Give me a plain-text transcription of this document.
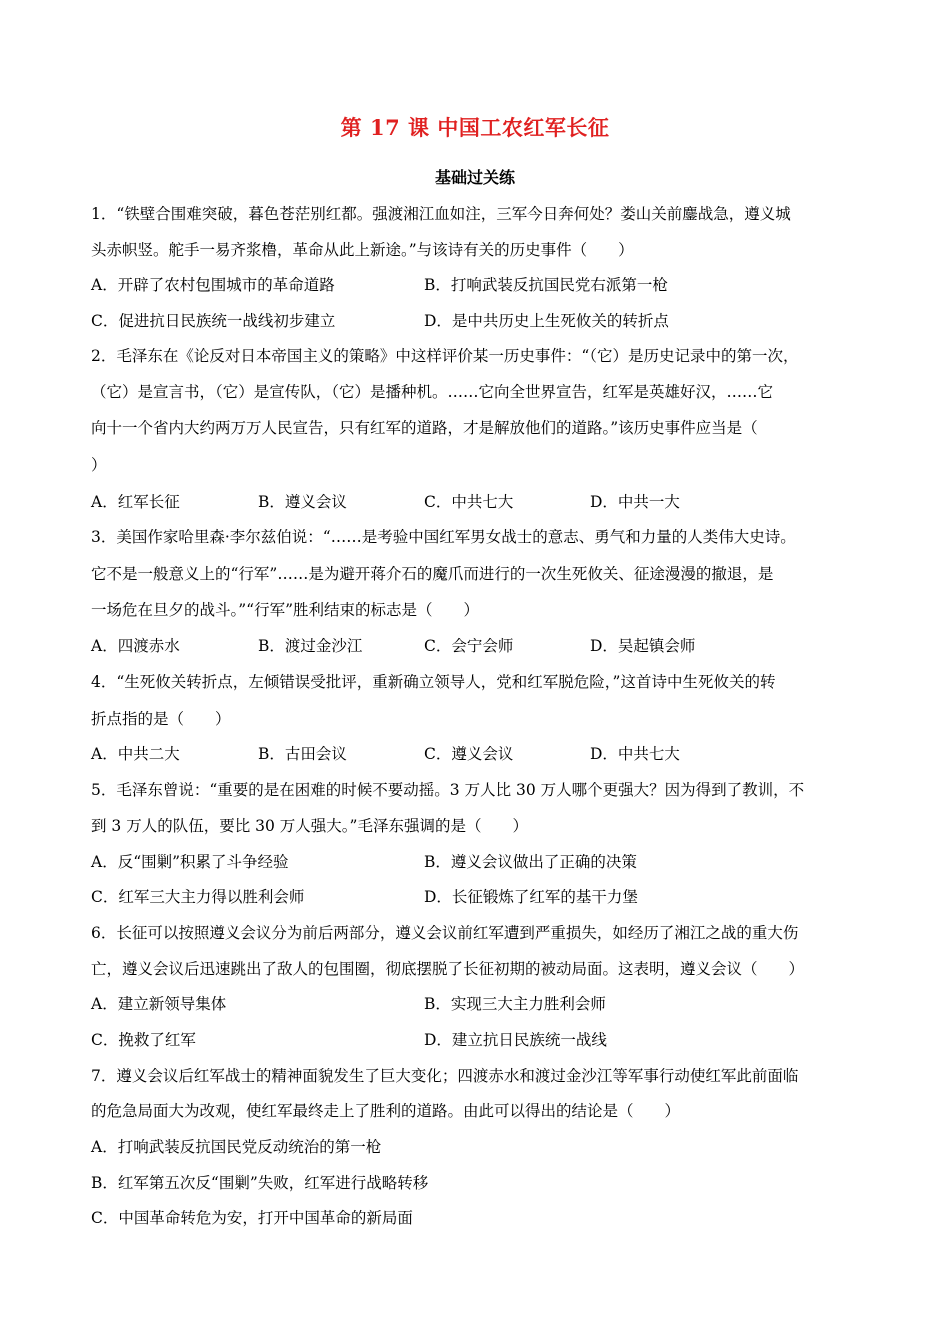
第 17 课 中国工农红军长征
基础过关练
1．“铁壁合围难突破，暮色苍茫别红都。强渡湘江血如注，三军今日奔何处？娄山关前鏖战急，遵义城
头赤帜竖。舵手一易齐浆橹，革命从此上新途。”与该诗有关的历史事件（　　）
A．开辟了农村包围城市的革命道路	B．打响武装反抗国民党右派第一枪
C．促进抗日民族统一战线初步建立	D．是中共历史上生死攸关的转折点
2．毛泽东在《论反对日本帝国主义的策略》中这样评价某一历史事件：“（它）是历史记录中的第一次，
（它）是宣言书，（它）是宣传队，（它）是播种机。……它向全世界宣告，红军是英雄好汉，……它
向十一个省内大约两万万人民宣告，只有红军的道路，才是解放他们的道路。”该历史事件应当是（
）
A．红军长征	B．遵义会议	C．中共七大	D．中共一大
3．美国作家哈里森·李尔兹伯说：“……是考验中国红军男女战士的意志、勇气和力量的人类伟大史诗。
它不是一般意义上的“行军”……是为避开蒋介石的魔爪而进行的一次生死攸关、征途漫漫的撤退，是
一场危在旦夕的战斗。”“行军”胜利结束的标志是（　　）
A．四渡赤水	B．渡过金沙江	C．会宁会师	D．吴起镇会师
4．“生死攸关转折点，左倾错误受批评，重新确立领导人，党和红军脱危险，”这首诗中生死攸关的转
折点指的是（　　）
A．中共二大	B．古田会议	C．遵义会议	D．中共七大
5．毛泽东曾说：“重要的是在困难的时候不要动摇。3 万人比 30 万人哪个更强大？因为得到了教训，不
到 3 万人的队伍，要比 30 万人强大。”毛泽东强调的是（　　）
A．反“围剿”积累了斗争经验	B．遵义会议做出了正确的决策
C．红军三大主力得以胜利会师	D．长征锻炼了红军的基干力堡
6．长征可以按照遵义会议分为前后两部分，遵义会议前红军遭到严重损失，如经历了湘江之战的重大伤
亡，遵义会议后迅速跳出了敌人的包围圈，彻底摆脱了长征初期的被动局面。这表明，遵义会议（　　）
A．建立新领导集体	B．实现三大主力胜利会师
C．挽救了红军	D．建立抗日民族统一战线
7．遵义会议后红军战士的精神面貌发生了巨大变化；四渡赤水和渡过金沙江等军事行动使红军此前面临
的危急局面大为改观，使红军最终走上了胜利的道路。由此可以得出的结论是（　　）
A．打响武装反抗国民党反动统治的第一枪
B．红军第五次反“围剿”失败，红军进行战略转移
C．中国革命转危为安，打开中国革命的新局面
